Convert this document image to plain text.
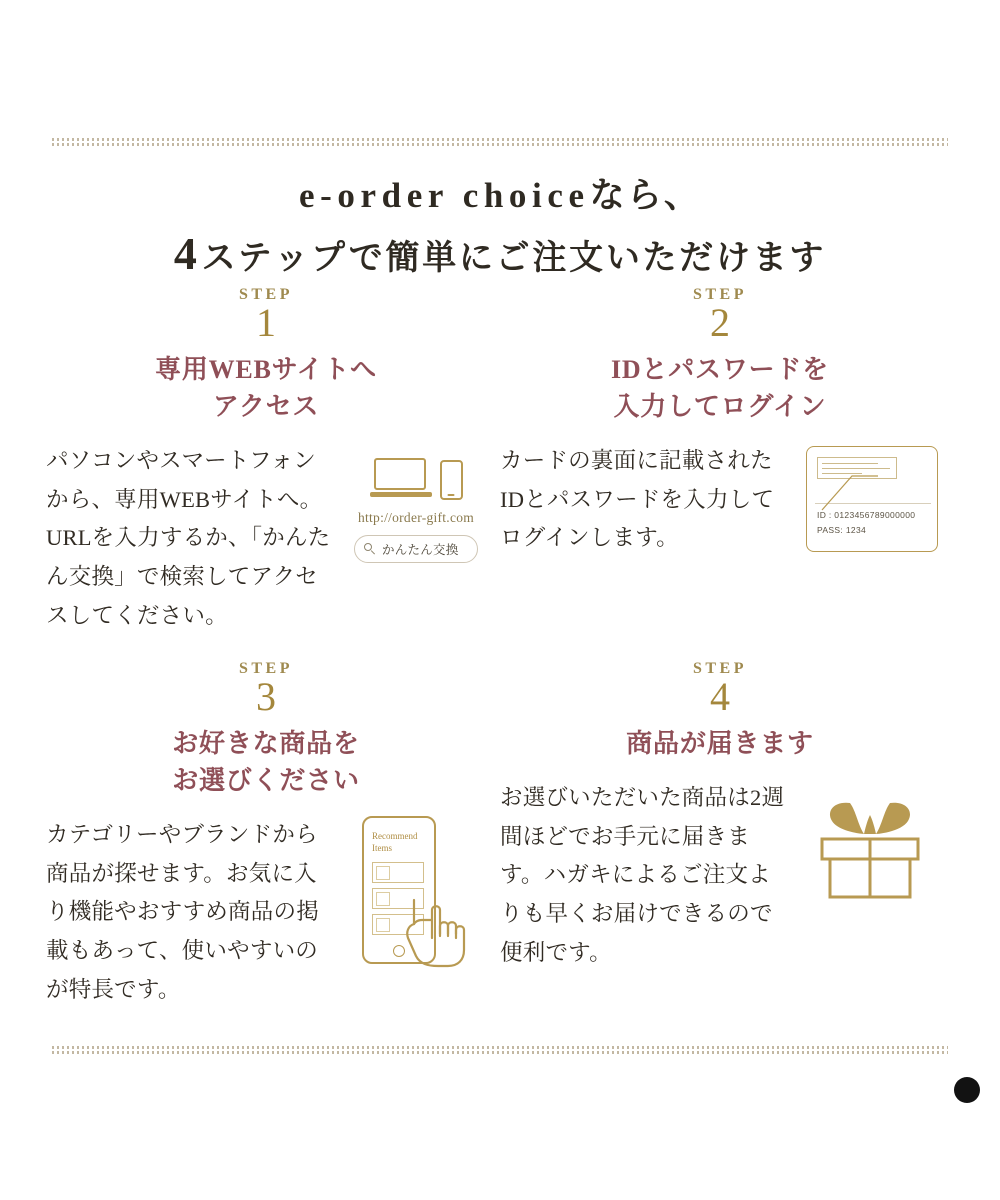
e-order choiceなら、
4ステップで簡単にご注文いただけます
STEP
1
専用WEBサイトへ
アクセス
パソコンやスマートフォンから、専用WEBサイトへ。URLを入力するか、「かんたん交換」で検索してアクセスしてください。
http://order-gift.com
かんたん交換
STEP
2
IDとパスワードを
入力してログイン
カードの裏面に記載されたIDとパスワードを入力してログインします。
ID : 0123456789000000
PASS: 1234
STEP
3
お好きな商品を
お選びください
カテゴリーやブランドから商品が探せます。お気に入り機能やおすすめ商品の掲載もあって、使いやすいのが特長です。
Recommend
Items
STEP
4
商品が届きます
お選びいただいた商品は2週間ほどでお手元に届きます。ハガキによるご注文よりも早くお届けできるので便利です。
